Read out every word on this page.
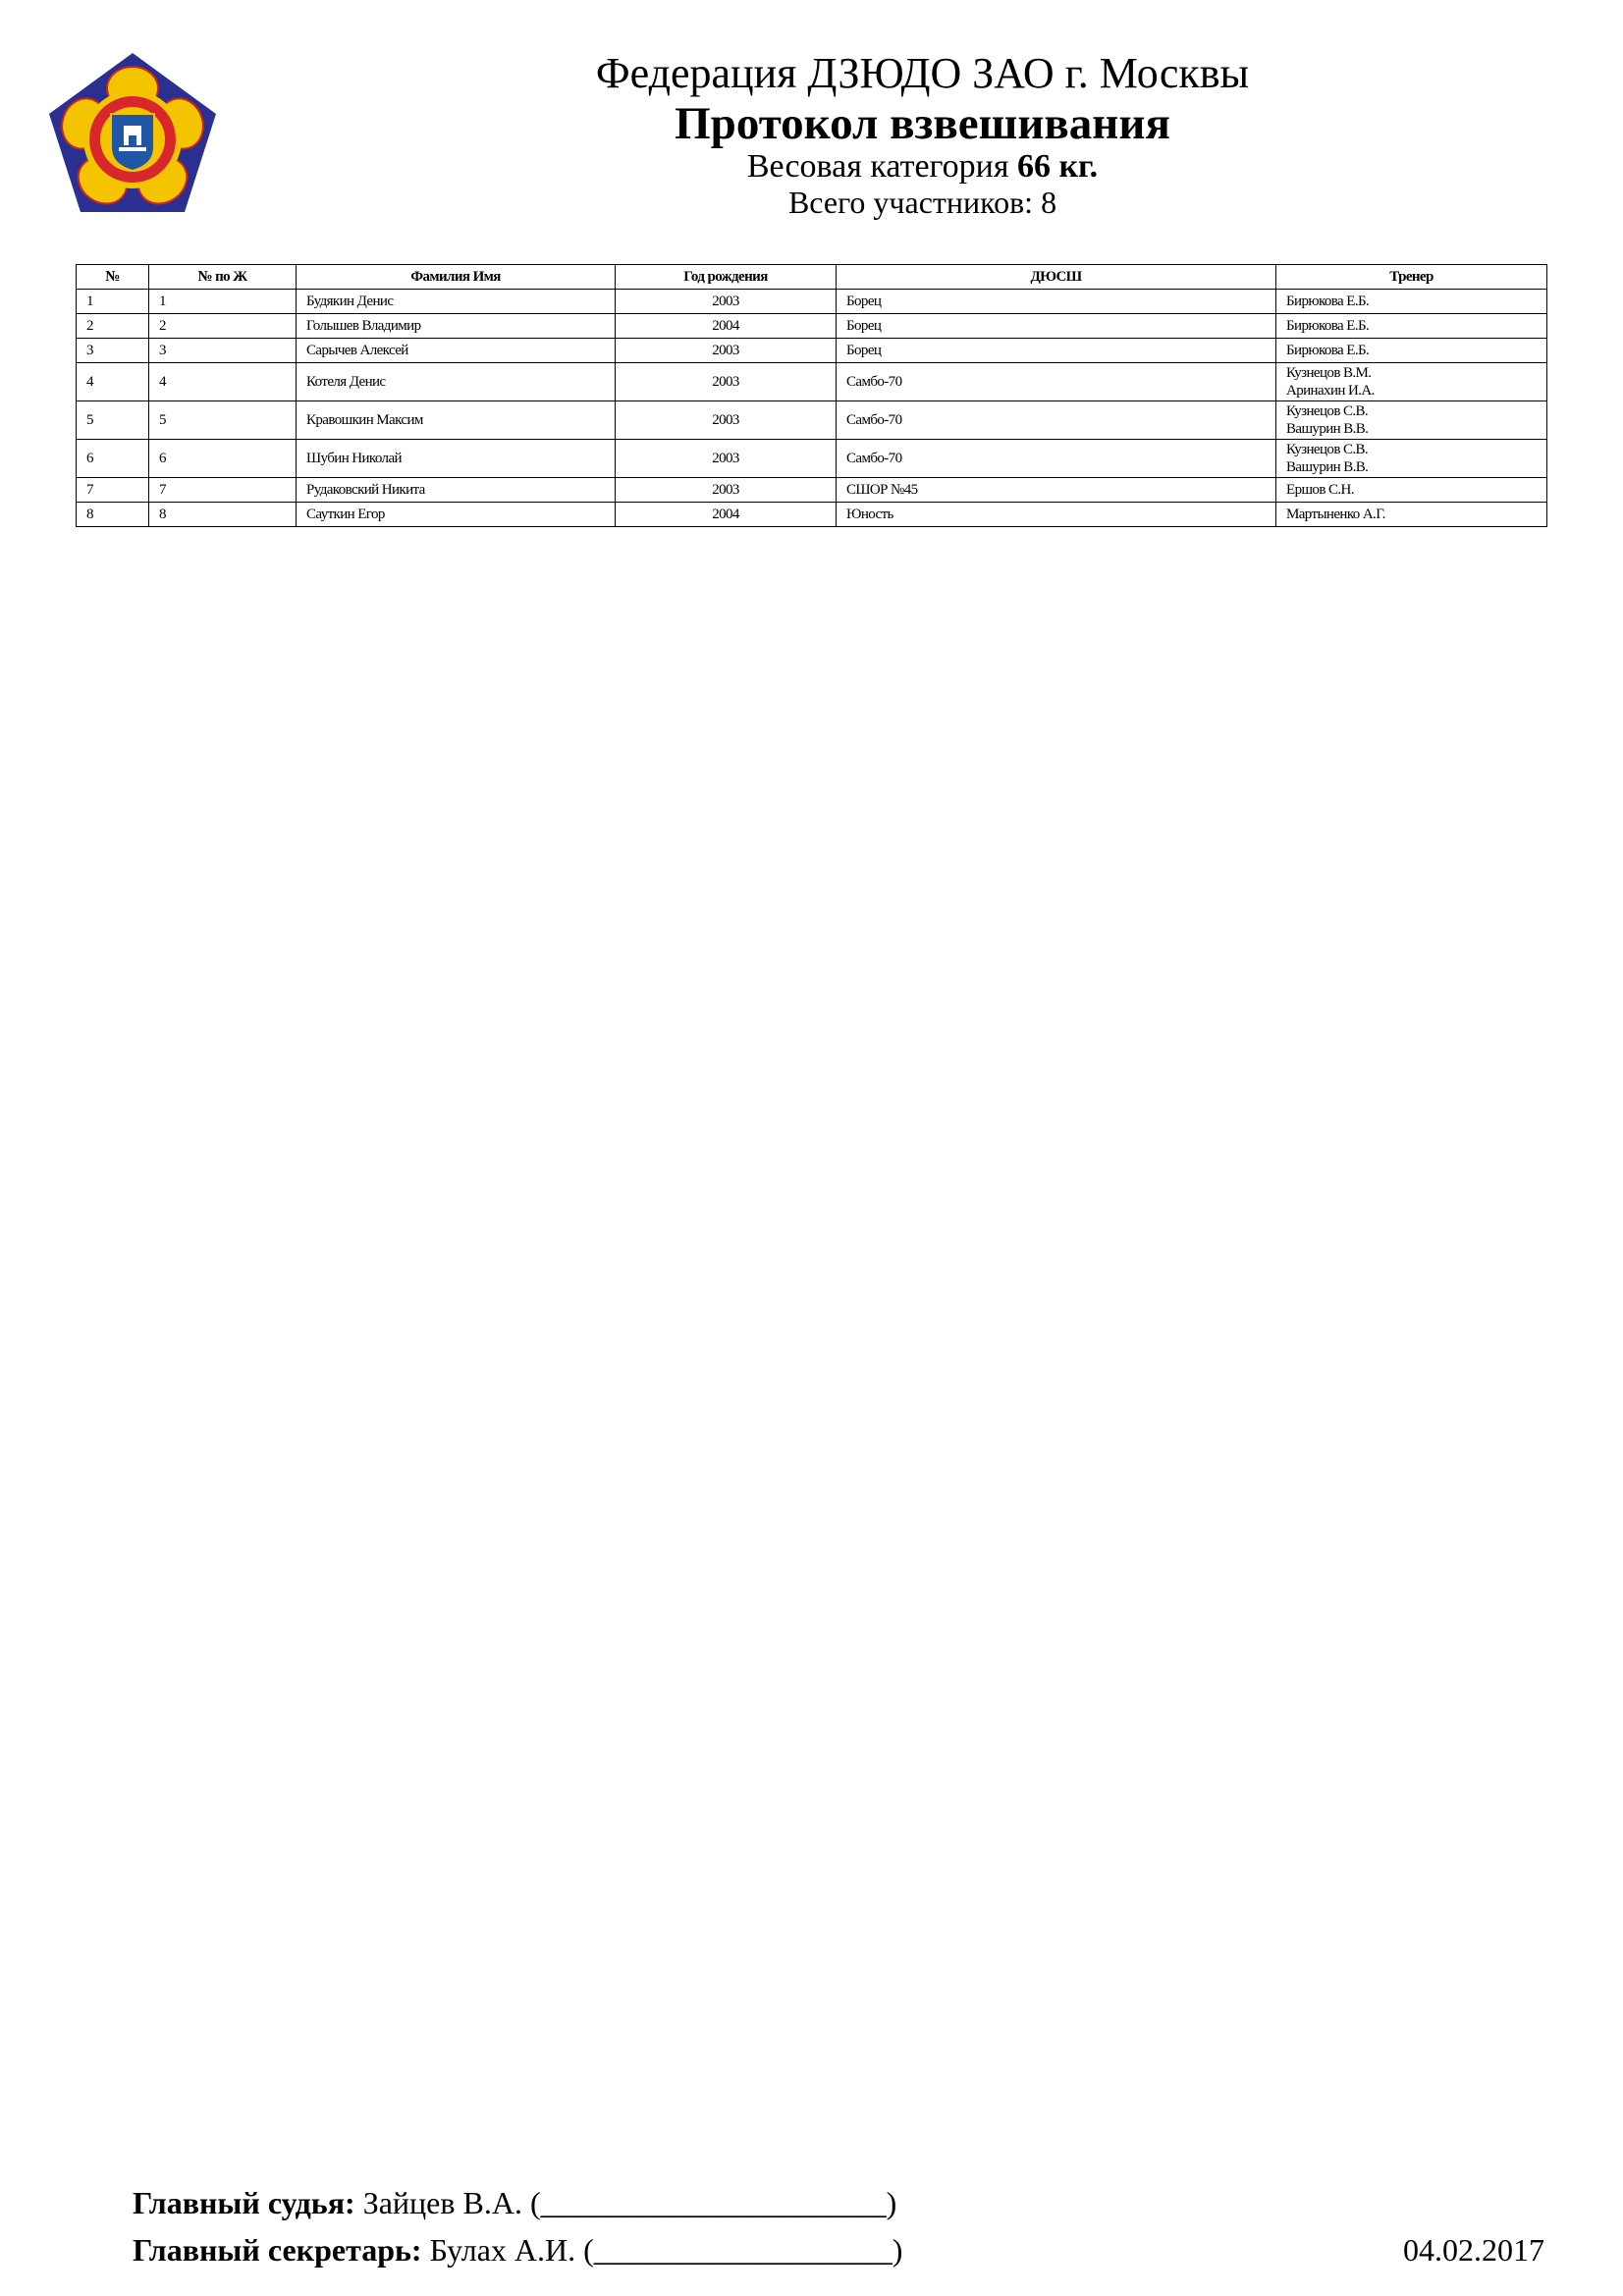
Федерация ДЗЮДО ЗАО г. Москвы
Протокол взвешивания
Весовая категория 66 кг.
Всего участников: 8
№	№ по Ж	Фамилия Имя	Год рождения	ДЮСШ	Тренер
1	1	Будякин Денис	2003	Борец	Бирюкова Е.Б.

2	2	Голышев Владимир	2004	Борец	Бирюкова Е.Б.

3	3	Сарычев Алексей	2003	Борец	Бирюкова Е.Б.

4	4	Котеля Денис	2003	Самбо-70	Кузнецов В.М.
Аринахин И.А.

5	5	Кравошкин Максим	2003	Самбо-70	Кузнецов С.В.
Вашурин В.В.

6	6	Шубин Николай	2003	Самбо-70	Кузнецов С.В.
Вашурин В.В.

7	7	Рудаковский Никита	2003	СШОР №45	Ершов С.Н.

8	8	Сауткин Егор	2004	Юность	Мартыненко А.Г.
Главный судья: Зайцев В.А. (______________________)
Главный секретарь: Булах А.И. (___________________)	04.02.2017
